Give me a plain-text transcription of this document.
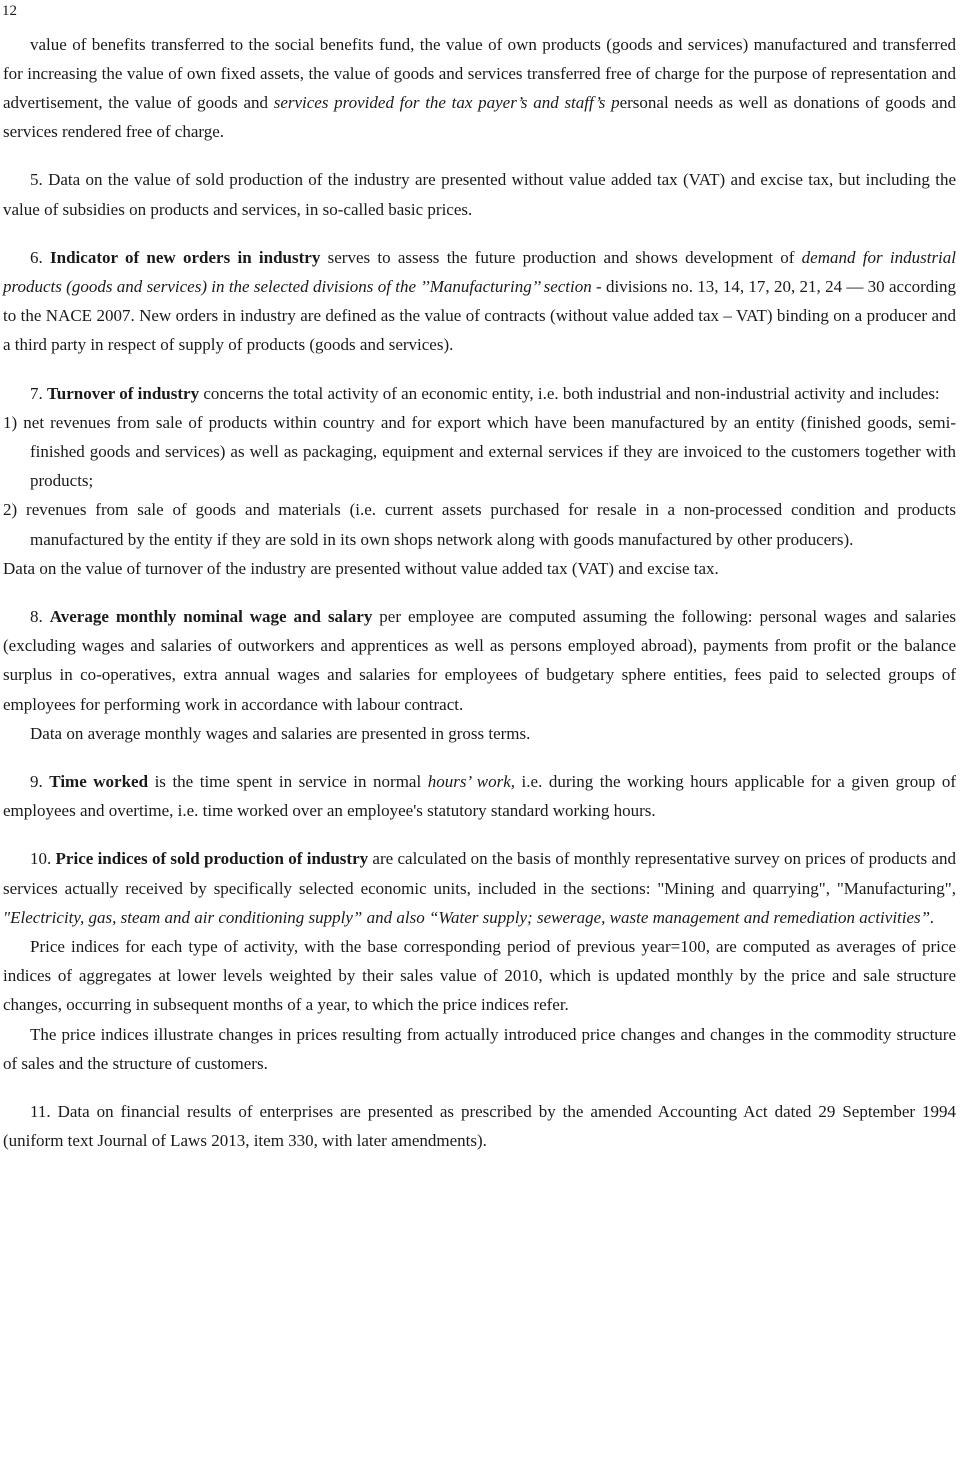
12

value of benefits transferred to the social benefits fund, the value of own products (goods and services) manufactured and transferred for increasing the value of own fixed assets, the value of goods and services transferred free of charge for the purpose of representation and advertisement, the value of goods and services provided for the tax payer’s and staff’s personal needs as well as donations of goods and services rendered free of charge.

5. Data on the value of sold production of the industry are presented without value added tax (VAT) and excise tax, but including the value of subsidies on products and services, in so-called basic prices.

6. Indicator of new orders in industry serves to assess the future production and shows development of demand for industrial products (goods and services) in the selected divisions of the ’’Manufacturing’’ section - divisions no. 13, 14, 17, 20, 21, 24 — 30 according to the NACE 2007. New orders in industry are defined as the value of contracts (without value added tax – VAT) binding on a producer and a third party in respect of supply of products (goods and services).

7. Turnover of industry concerns the total activity of an economic entity, i.e. both industrial and non-industrial activity and includes:

1) net revenues from sale of products within country and for export which have been manufactured by an entity (finished goods, semi-finished goods and services) as well as packaging, equipment and external services if they are invoiced to the customers together with products;

2) revenues from sale of goods and materials (i.e. current assets purchased for resale in a non-processed condition and products manufactured by the entity if they are sold in its own shops network along with goods manufactured by other producers).

Data on the value of turnover of the industry are presented without value added tax (VAT) and excise tax.

8. Average monthly nominal wage and salary per employee are computed assuming the following: personal wages and salaries (excluding wages and salaries of outworkers and apprentices as well as persons employed abroad), payments from profit or the balance surplus in co-operatives, extra annual wages and salaries for employees of budgetary sphere entities, fees paid to selected groups of employees for performing work in accordance with labour contract.

Data on average monthly wages and salaries are presented in gross terms.

9. Time worked is the time spent in service in normal hours’ work, i.e. during the working hours applicable for a given group of employees and overtime, i.e. time worked over an employee's statutory standard working hours.

10. Price indices of sold production of industry are calculated on the basis of monthly representative survey on prices of products and services actually received by specifically selected economic units, included in the sections: "Mining and quarrying", "Manufacturing", "Electricity, gas, steam and air conditioning supply” and also “Water supply; sewerage, waste management and remediation activities”.

Price indices for each type of activity, with the base corresponding period of previous year=100, are computed as averages of price indices of aggregates at lower levels weighted by their sales value of 2010, which is updated monthly by the price and sale structure changes, occurring in subsequent months of a year, to which the price indices refer.

The price indices illustrate changes in prices resulting from actually introduced price changes and changes in the commodity structure of sales and the structure of customers.

11. Data on financial results of enterprises are presented as prescribed by the amended Accounting Act dated 29 September 1994 (uniform text Journal of Laws 2013, item 330, with later amendments).
